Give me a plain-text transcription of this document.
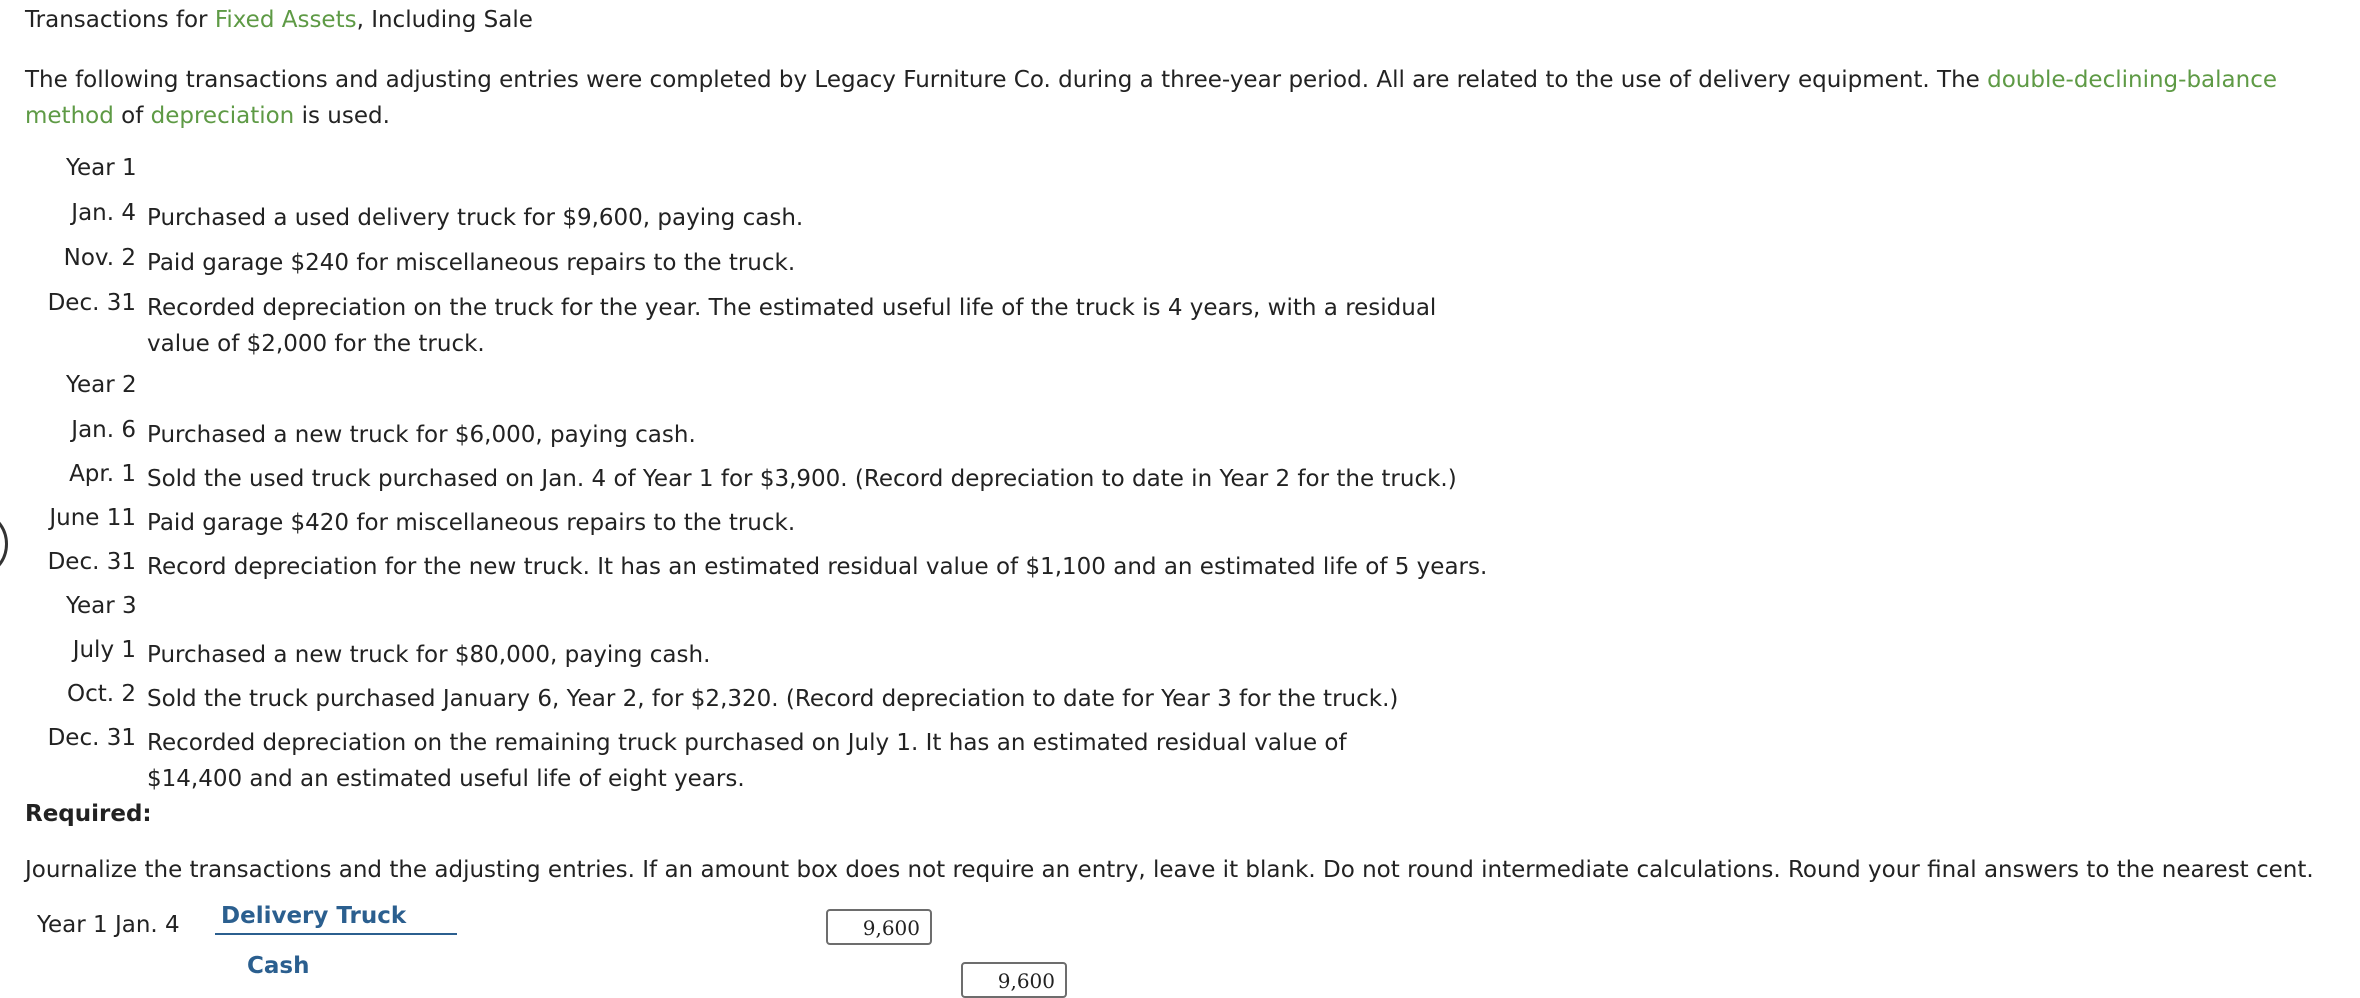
Transactions for Fixed Assets, Including Sale
The following transactions and adjusting entries were completed by Legacy Furniture Co. during a three-year period. All are related to the use of delivery equipment. The double-declining-balance method of depreciation is used.
Year 1
Jan. 4 Purchased a used delivery truck for $9,600, paying cash.
Nov. 2 Paid garage $240 for miscellaneous repairs to the truck.
Dec. 31 Recorded depreciation on the truck for the year. The estimated useful life of the truck is 4 years, with a residual value of $2,000 for the truck.
Year 2
Jan. 6 Purchased a new truck for $6,000, paying cash.
Apr. 1 Sold the used truck purchased on Jan. 4 of Year 1 for $3,900. (Record depreciation to date in Year 2 for the truck.)
June 11 Paid garage $420 for miscellaneous repairs to the truck.
Dec. 31 Record depreciation for the new truck. It has an estimated residual value of $1,100 and an estimated life of 5 years.
Year 3
July 1 Purchased a new truck for $80,000, paying cash.
Oct. 2 Sold the truck purchased January 6, Year 2, for $2,320. (Record depreciation to date for Year 3 for the truck.)
Dec. 31 Recorded depreciation on the remaining truck purchased on July 1. It has an estimated residual value of $14,400 and an estimated useful life of eight years.
Required:
Journalize the transactions and the adjusting entries. If an amount box does not require an entry, leave it blank. Do not round intermediate calculations. Round your final answers to the nearest cent.
Year 1 Jan. 4 Delivery Truck	9,600
Cash
9,600
